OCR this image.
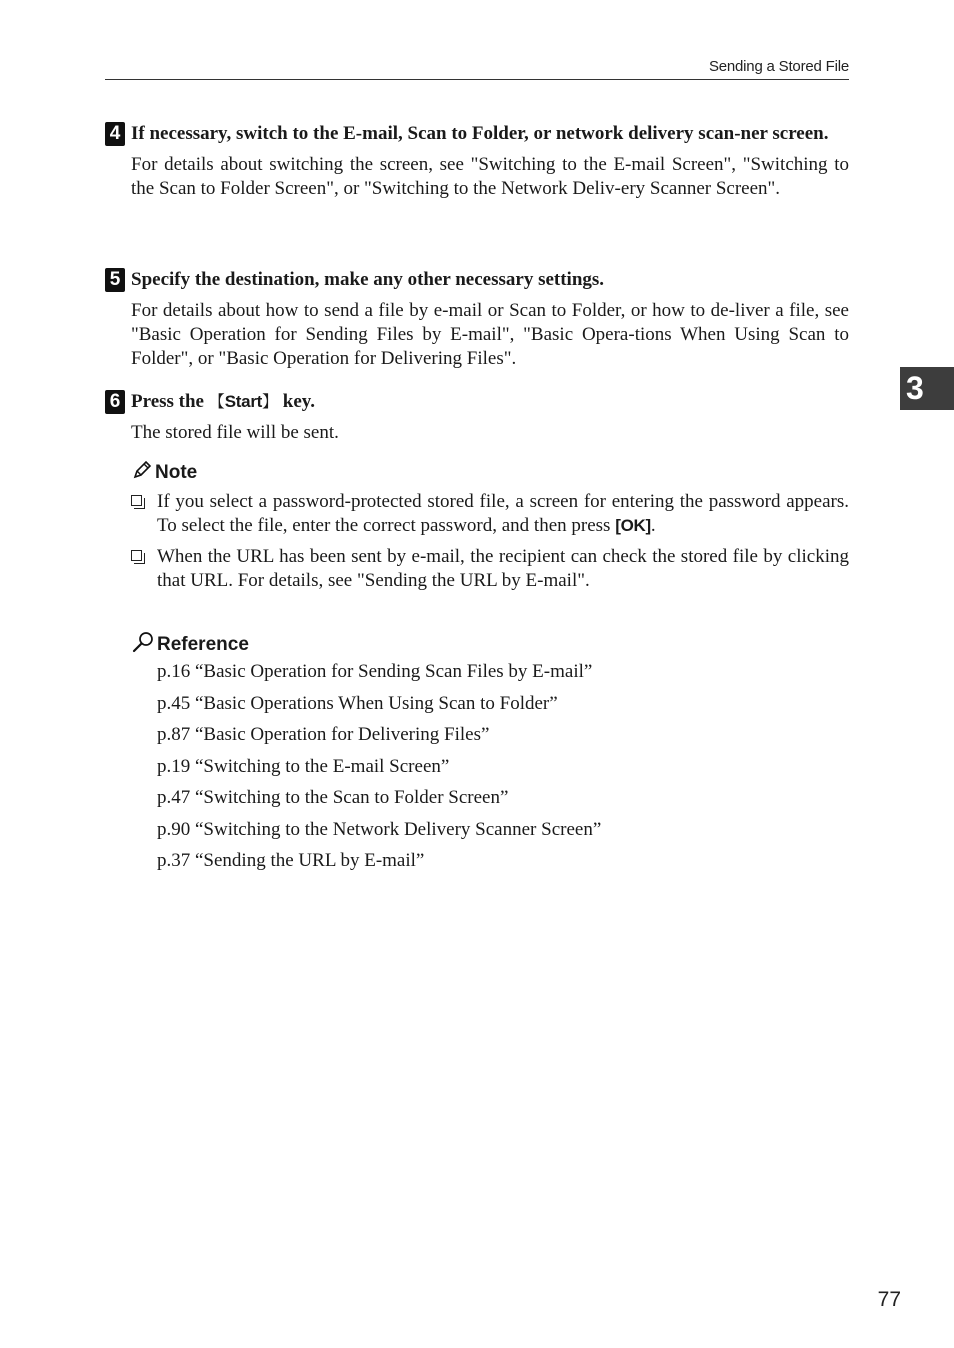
Sending a Stored File
3
4 If necessary, switch to the E-mail, Scan to Folder, or network delivery scan-ner screen.
For details about switching the screen, see "Switching to the E-mail Screen", "Switching to the Scan to Folder Screen", or "Switching to the Network Deliv-ery Scanner Screen".
5 Specify the destination, make any other necessary settings.
For details about how to send a file by e-mail or Scan to Folder, or how to de-liver a file, see "Basic Operation for Sending Files by E-mail", "Basic Opera-tions When Using Scan to Folder", or "Basic Operation for Delivering Files".
6 Press the 【Start】 key.
The stored file will be sent.
Note
If you select a password-protected stored file, a screen for entering the password appears. To select the file, enter the correct password, and then press [OK].
When the URL has been sent by e-mail, the recipient can check the stored file by clicking that URL. For details, see "Sending the URL by E-mail".
Reference
p.16 “Basic Operation for Sending Scan Files by E-mail”
p.45 “Basic Operations When Using Scan to Folder”
p.87 “Basic Operation for Delivering Files”
p.19 “Switching to the E-mail Screen”
p.47 “Switching to the Scan to Folder Screen”
p.90 “Switching to the Network Delivery Scanner Screen”
p.37 “Sending the URL by E-mail”
77
